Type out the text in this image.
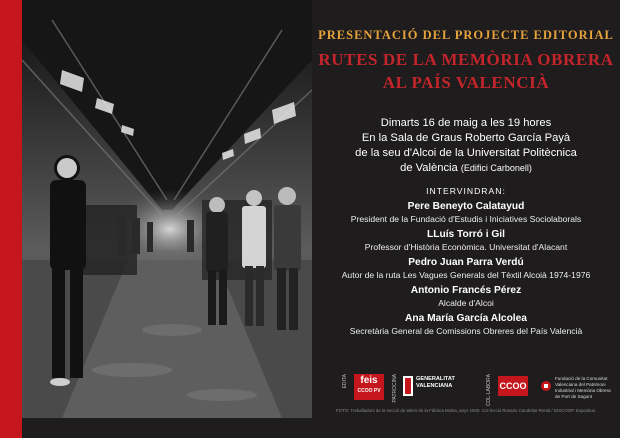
PRESENTACIÓ DEL PROJECTE EDITORIAL
RUTES DE LA MEMÒRIA OBRERA
AL PAÍS VALENCIÀ
Dimarts 16 de maig a les 19 hores
En la Sala de Graus Roberto García Payà
de la seu d'Alcoi de la Universitat Politècnica
de València (Edifici Carbonell)
INTERVINDRAN:
Pere Beneyto Calatayud
President de la Fundació d'Estudis i Iniciatives Sociolaborals
LLuís Torró i Gil
Professor d'Història Econòmica. Universitat d'Alacant
Pedro Juan Parra Verdú
Autor de la ruta Les Vagues Generals del Tèxtil Alcoià 1974-1976
Antonio Francés Pérez
Alcalde d'Alcoi
Ana María García Alcolea
Secretària General de Comissions Obreres del País Valencià
EDITA	feis
CCOO PV	PATROCINA	GENERALITAT
VALENCIANA	COL·LABORA CCOO
Fundació de la Comunitat Valenciana del Patrimoni Industrial i Memòria Obrera de Port de Sagunt
FOTO: Treballadors de la secció de telers de la Fàbrica Molsa, anys 1940. Col·lecció Rosario Candelas Rentá / DISCOOP. Expositus.
